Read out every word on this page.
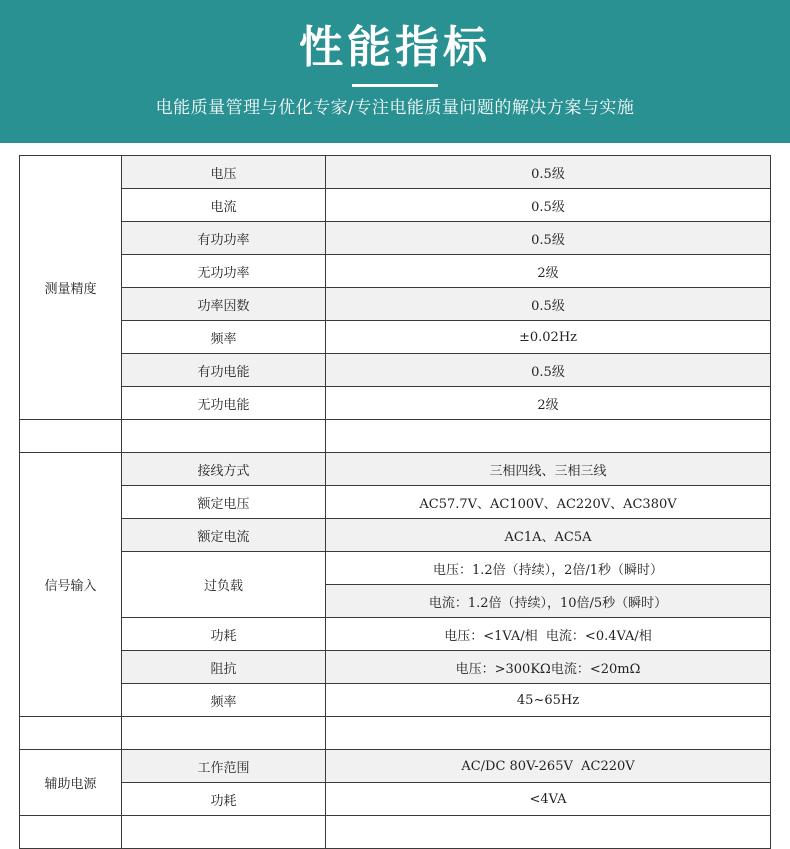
性能指标
电能质量管理与优化专家/专注电能质量问题的解决方案与实施
测量精度	电压	0.5级
	电流	0.5级
	有功功率	0.5级
	无功功率	2级
	功率因数	0.5级
	频率	±0.02Hz
	有功电能	0.5级
	无功电能	2级

信号输入	接线方式	三相四线、三相三线
	额定电压	AC57.7V、AC100V、AC220V、AC380V
	额定电流	AC1A、AC5A
	过负载	电压：1.2倍（持续），2倍/1秒（瞬时）
		电流：1.2倍（持续），10倍/5秒（瞬时）
	功耗	电压：<1VA/相  电流：<0.4VA/相
	阻抗	电压：>300KΩ电流：<20mΩ
	频率	45~65Hz

辅助电源	工作范围	AC/DC 80V-265V  AC220V
	功耗	<4VA
